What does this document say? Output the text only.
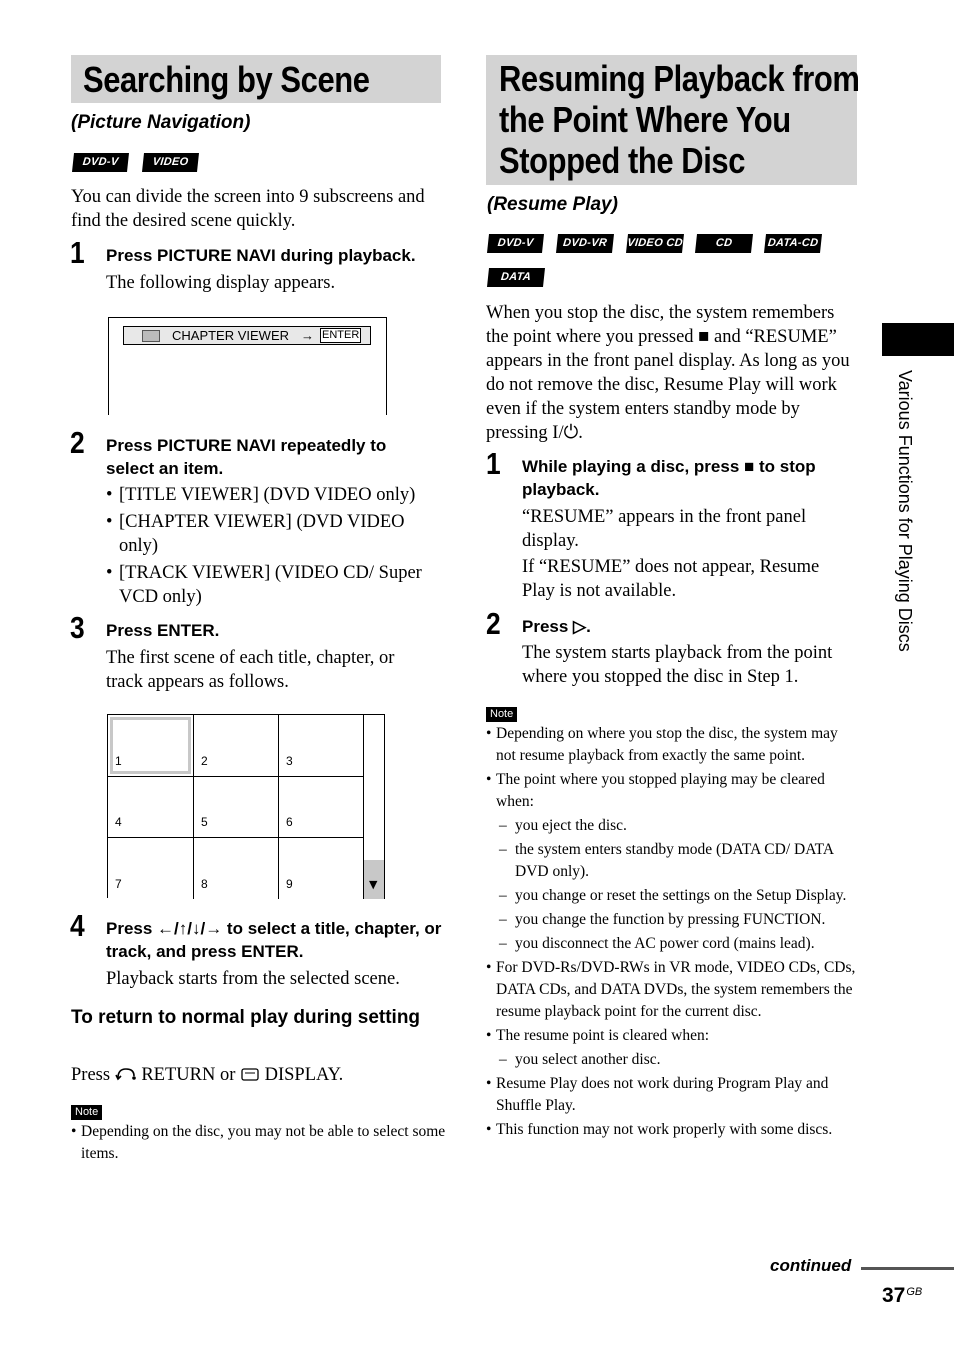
Searching by Scene
(Picture Navigation)
DVD-V	VIDEO CD
You can divide the screen into 9 subscreens and find the desired scene quickly.
1 Press PICTURE NAVI during playback.
The following display appears.
CHAPTER VIEWER → ENTER
2 Press PICTURE NAVI repeatedly to select an item.
• [TITLE VIEWER] (DVD VIDEO only)
• [CHAPTER VIEWER] (DVD VIDEO only)
• [TRACK VIEWER] (VIDEO CD/ Super VCD only)
3 Press ENTER.
The first scene of each title, chapter, or track appears as follows.
1	2	3
4	5	6
7	8	9	▼
4 Press ←/↑/↓/→ to select a title, chapter, or track, and press ENTER.
Playback starts from the selected scene.
To return to normal play during setting
Press RETURN or DISPLAY.
Note
• Depending on the disc, you may not be able to select some items.
Resuming Playback from
the Point Where You
Stopped the Disc
(Resume Play)
DVD-V	DVD-VR	VIDEO CD	CD	DATA-CD
DATA DVD
When you stop the disc, the system remembers the point where you pressed ■ and “RESUME” appears in the front panel display. As long as you do not remove the disc, Resume Play will work even if the system enters standby mode by pressing I/⏻.
1 While playing a disc, press ■ to stop playback.
“RESUME” appears in the front panel display.
If “RESUME” does not appear, Resume Play is not available.
2 Press ▷.
The system starts playback from the point where you stopped the disc in Step 1.
Note
• Depending on where you stop the disc, the system may not resume playback from exactly the same point.
• The point where you stopped playing may be cleared when:
– you eject the disc.
– the system enters standby mode (DATA CD/ DATA DVD only).
– you change or reset the settings on the Setup Display.
– you change the function by pressing FUNCTION.
– you disconnect the AC power cord (mains lead).
• For DVD-Rs/DVD-RWs in VR mode, VIDEO CDs, CDs, DATA CDs, and DATA DVDs, the system remembers the resume playback point for the current disc.
• The resume point is cleared when:
– you select another disc.
• Resume Play does not work during Program Play and Shuffle Play.
• This function may not work properly with some discs.
Various Functions for Playing Discs
continued
$37^{GB}$
